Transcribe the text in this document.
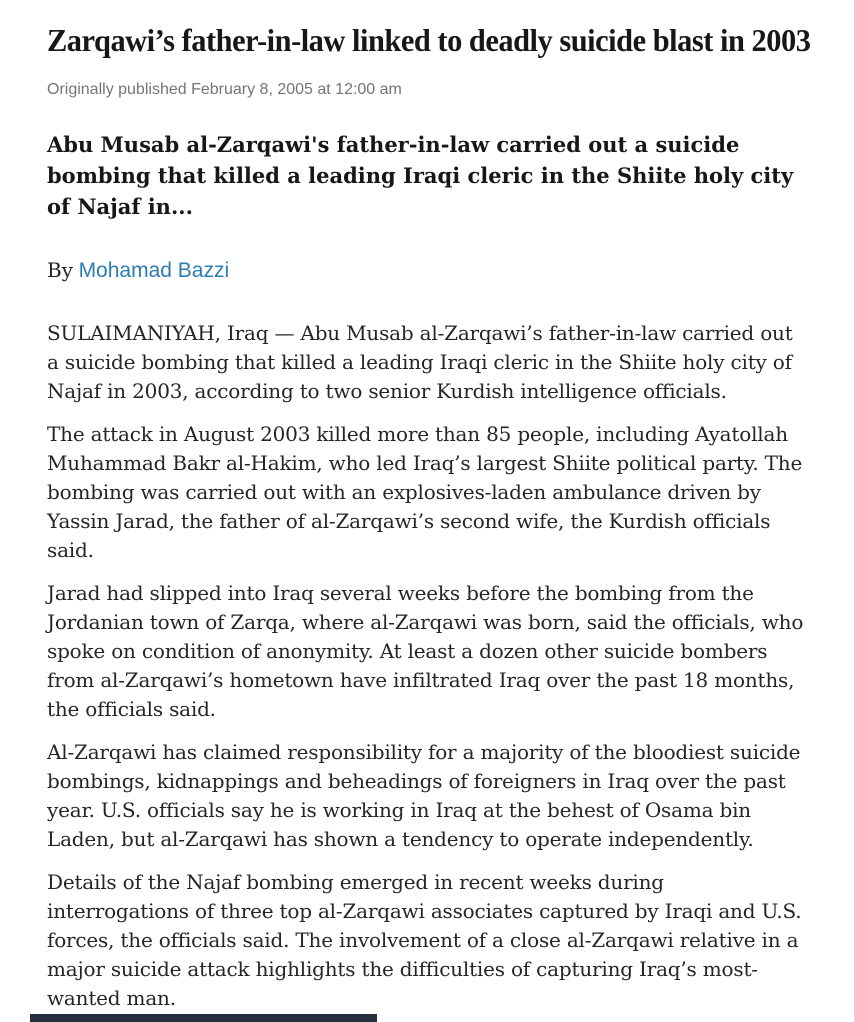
Zarqawi’s father-in-law linked to deadly suicide blast in 2003

Originally published February 8, 2005 at 12:00 am

Abu Musab al-Zarqawi's father-in-law carried out a suicide bombing that killed a leading Iraqi cleric in the Shiite holy city of Najaf in...

By Mohamad Bazzi

SULAIMANIYAH, Iraq — Abu Musab al-Zarqawi’s father-in-law carried out a suicide bombing that killed a leading Iraqi cleric in the Shiite holy city of Najaf in 2003, according to two senior Kurdish intelligence officials.

The attack in August 2003 killed more than 85 people, including Ayatollah Muhammad Bakr al-Hakim, who led Iraq’s largest Shiite political party. The bombing was carried out with an explosives-laden ambulance driven by Yassin Jarad, the father of al-Zarqawi’s second wife, the Kurdish officials said.

Jarad had slipped into Iraq several weeks before the bombing from the Jordanian town of Zarqa, where al-Zarqawi was born, said the officials, who spoke on condition of anonymity. At least a dozen other suicide bombers from al-Zarqawi’s hometown have infiltrated Iraq over the past 18 months, the officials said.

Al-Zarqawi has claimed responsibility for a majority of the bloodiest suicide bombings, kidnappings and beheadings of foreigners in Iraq over the past year. U.S. officials say he is working in Iraq at the behest of Osama bin Laden, but al-Zarqawi has shown a tendency to operate independently.

Details of the Najaf bombing emerged in recent weeks during interrogations of three top al-Zarqawi associates captured by Iraqi and U.S. forces, the officials said. The involvement of a close al-Zarqawi relative in a major suicide attack highlights the difficulties of capturing Iraq’s most-wanted man.
